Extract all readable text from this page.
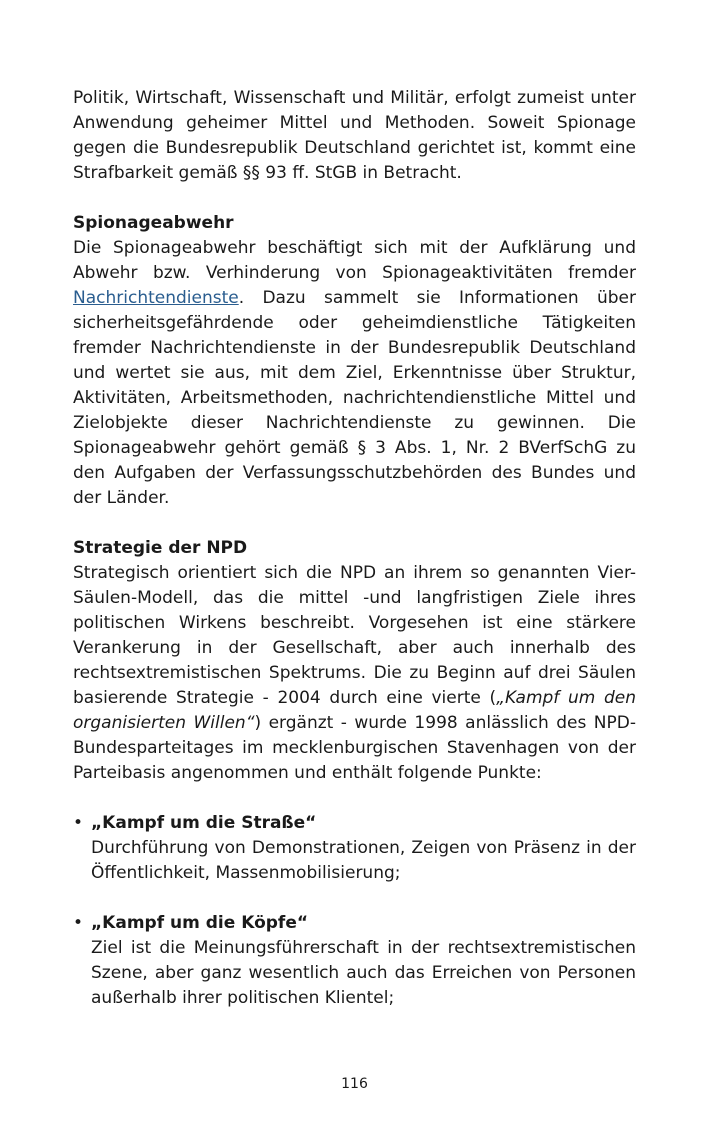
Politik, Wirtschaft, Wissenschaft und Militär, erfolgt zumeist unter Anwendung geheimer Mittel und Methoden. Soweit Spionage gegen die Bundesrepublik Deutschland gerichtet ist, kommt eine Strafbarkeit gemäß §§ 93 ff. StGB in Betracht.

Spionageabwehr

Die Spionageabwehr beschäftigt sich mit der Aufklärung und Abwehr bzw. Verhinderung von Spionageaktivitäten fremder Nachrichtendienste. Dazu sammelt sie Informationen über sicherheitsgefährdende oder geheimdienstliche Tätigkeiten fremder Nachrichtendienste in der Bundesrepublik Deutschland und wertet sie aus, mit dem Ziel, Erkenntnisse über Struktur, Aktivitäten, Arbeitsmethoden, nachrichtendienstliche Mittel und Zielobjekte dieser Nachrichtendienste zu gewinnen. Die Spionageabwehr gehört gemäß § 3 Abs. 1, Nr. 2 BVerfSchG zu den Aufgaben der Verfassungsschutzbehörden des Bundes und der Länder.

Strategie der NPD

Strategisch orientiert sich die NPD an ihrem so genannten Vier-Säulen-Modell, das die mittel -und langfristigen Ziele ihres politischen Wirkens beschreibt. Vorgesehen ist eine stärkere Verankerung in der Gesellschaft, aber auch innerhalb des rechtsextremistischen Spektrums. Die zu Beginn auf drei Säulen basierende Strategie - 2004 durch eine vierte („Kampf um den organisierten Willen“) ergänzt - wurde 1998 anlässlich des NPD-Bundesparteitages im mecklenburgischen Stavenhagen von der Parteibasis angenommen und enthält folgende Punkte:

• „Kampf um die Straße“
Durchführung von Demonstrationen, Zeigen von Präsenz in der Öffentlichkeit, Massenmobilisierung;
• „Kampf um die Köpfe“
Ziel ist die Meinungsführerschaft in der rechtsextremistischen Szene, aber ganz wesentlich auch das Erreichen von Personen außerhalb ihrer politischen Klientel;
116
